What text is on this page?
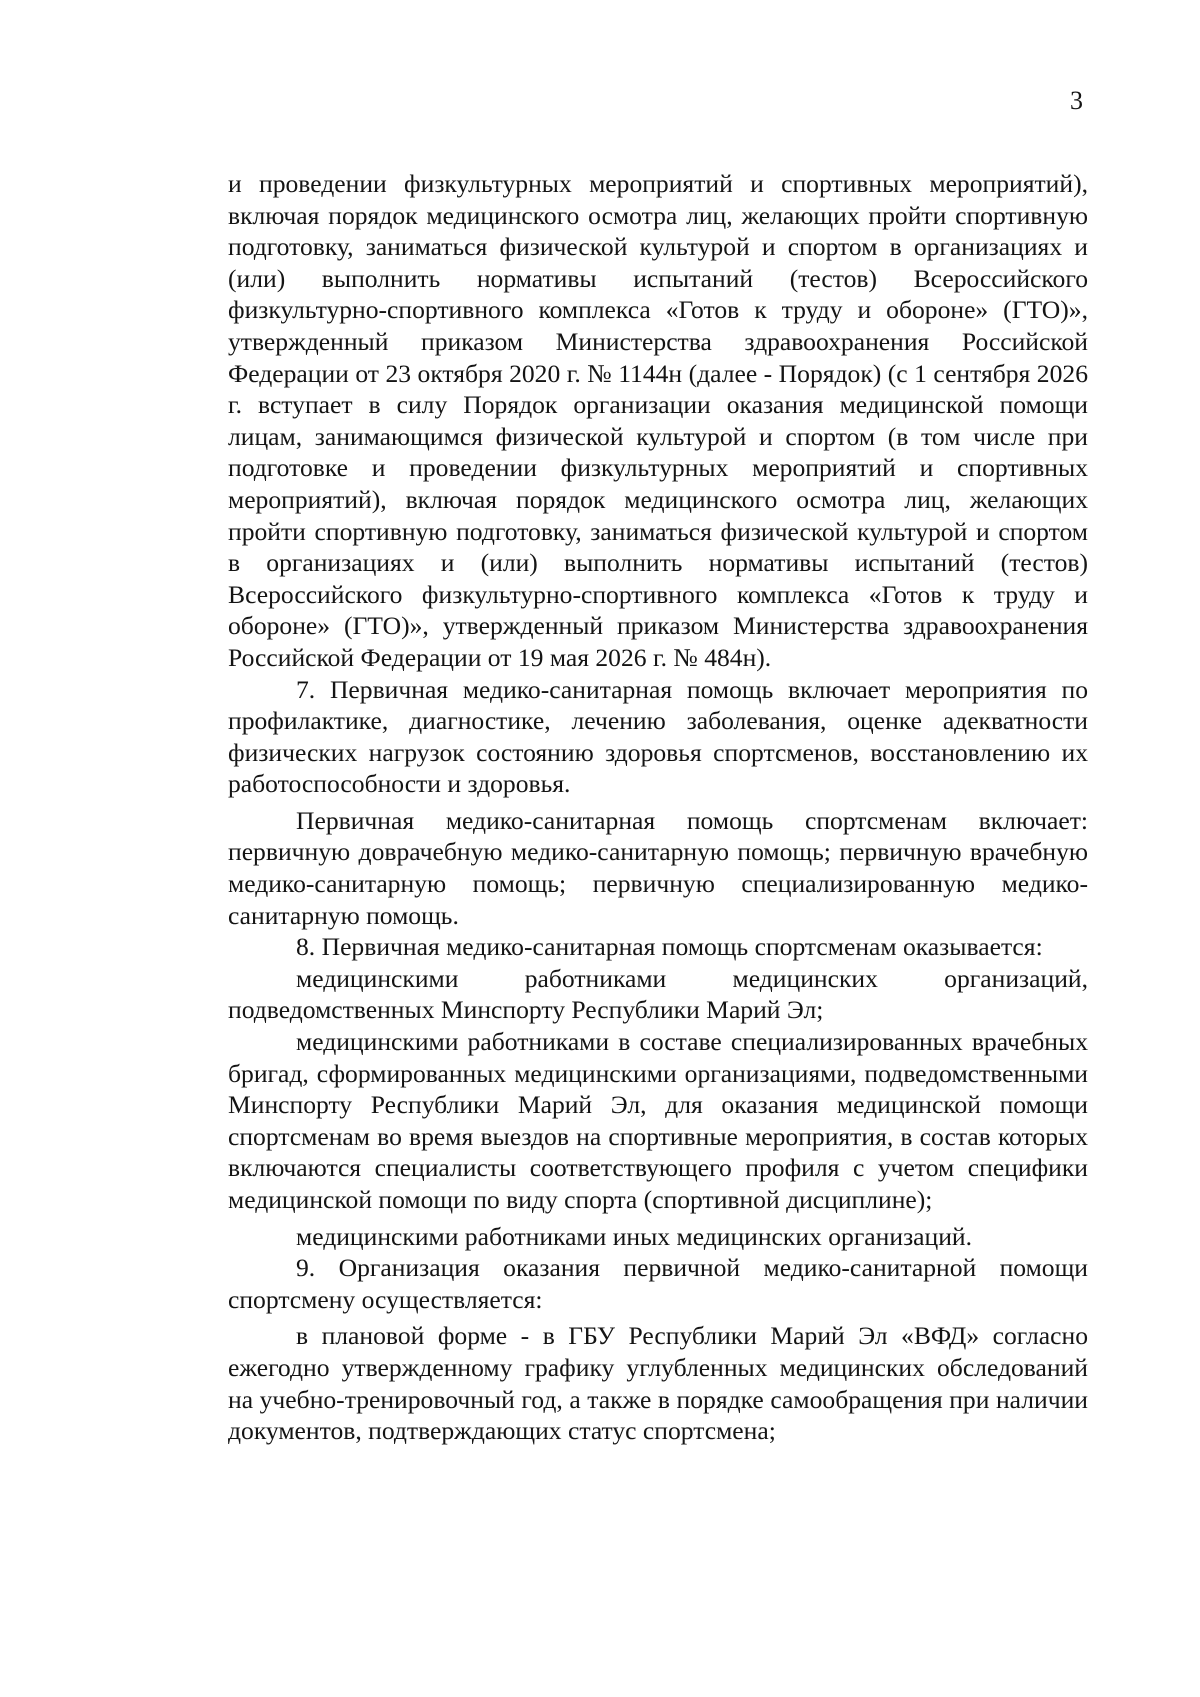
3

и проведении физкультурных мероприятий и спортивных мероприятий), включая порядок медицинского осмотра лиц, желающих пройти спортивную подготовку, заниматься физической культурой и спортом в организациях и (или) выполнить нормативы испытаний (тестов) Всероссийского физкультурно-спортивного комплекса «Готов к труду и обороне» (ГТО)», утвержденный приказом Министерства здравоохранения Российской Федерации от 23 октября 2020 г. № 1144н (далее - Порядок) (с 1 сентября 2026 г. вступает в силу Порядок организации оказания медицинской помощи лицам, занимающимся физической культурой и спортом (в том числе при подготовке и проведении физкультурных мероприятий и спортивных мероприятий), включая порядок медицинского осмотра лиц, желающих пройти спортивную подготовку, заниматься физической культурой и спортом в организациях и (или) выполнить нормативы испытаний (тестов) Всероссийского физкультурно-спортивного комплекса «Готов к труду и обороне» (ГТО)», утвержденный приказом Министерства здравоохранения Российской Федерации от 19 мая 2026 г. № 484н).

7. Первичная медико-санитарная помощь включает мероприятия по профилактике, диагностике, лечению заболевания, оценке адекватности физических нагрузок состоянию здоровья спортсменов, восстановлению их работоспособности и здоровья.

Первичная медико-санитарная помощь спортсменам включает: первичную доврачебную медико-санитарную помощь; первичную врачебную медико-санитарную помощь; первичную специализированную медико-санитарную помощь.

8. Первичная медико-санитарная помощь спортсменам оказывается:

медицинскими работниками медицинских организаций, подведомственных Минспорту Республики Марий Эл;

медицинскими работниками в составе специализированных врачебных бригад, сформированных медицинскими организациями, подведомственными Минспорту Республики Марий Эл, для оказания медицинской помощи спортсменам во время выездов на спортивные мероприятия, в состав которых включаются специалисты соответствующего профиля с учетом специфики медицинской помощи по виду спорта (спортивной дисциплине);

медицинскими работниками иных медицинских организаций.

9. Организация оказания первичной медико-санитарной помощи спортсмену осуществляется:

в плановой форме - в ГБУ Республики Марий Эл «ВФД» согласно ежегодно утвержденному графику углубленных медицинских обследований на учебно-тренировочный год, а также в порядке самообращения при наличии документов, подтверждающих статус спортсмена;
